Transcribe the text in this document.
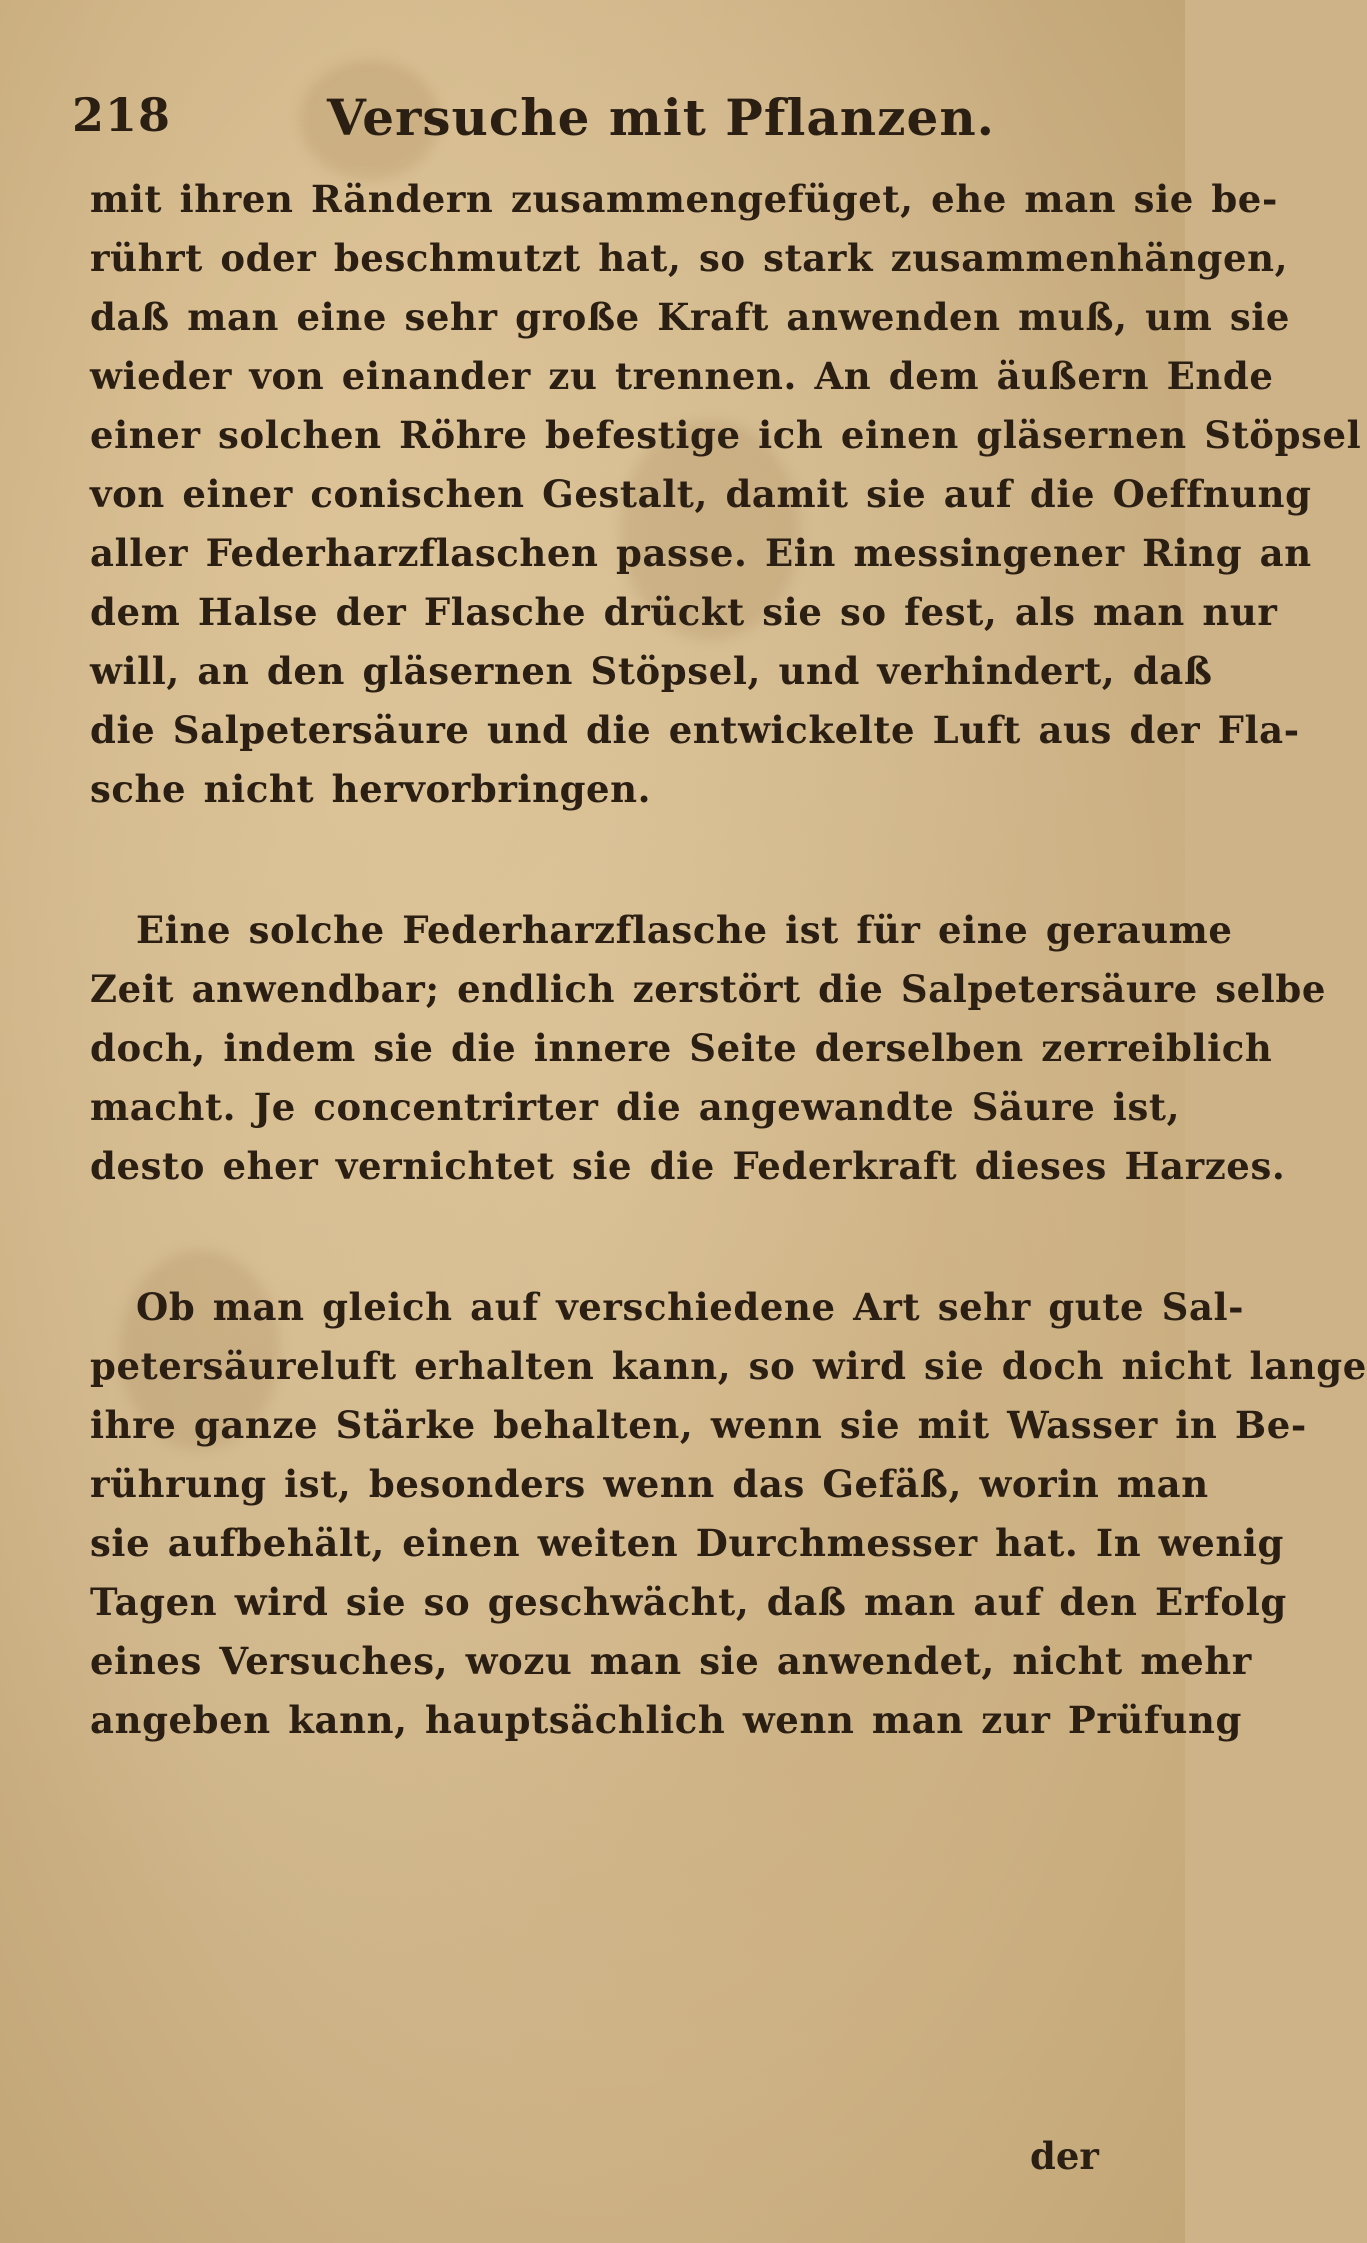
218	Versuche mit Pflanzen.
mit ihren Rändern zusammengefüget, ehe man sie be-
rührt oder beschmutzt hat, so stark zusammenhängen,
daß man eine sehr große Kraft anwenden muß, um sie
wieder von einander zu trennen. An dem äußern Ende
einer solchen Röhre befestige ich einen gläsernen Stöpsel
von einer conischen Gestalt, damit sie auf die Oeffnung
aller Federharzflaschen passe. Ein messingener Ring an
dem Halse der Flasche drückt sie so fest, als man nur
will, an den gläsernen Stöpsel, und verhindert, daß
die Salpetersäure und die entwickelte Luft aus der Fla-
sche nicht hervorbringen.
Eine solche Federharzflasche ist für eine geraume
Zeit anwendbar; endlich zerstört die Salpetersäure selbe
doch, indem sie die innere Seite derselben zerreiblich
macht. Je concentrirter die angewandte Säure ist,
desto eher vernichtet sie die Federkraft dieses Harzes.
Ob man gleich auf verschiedene Art sehr gute Sal-
petersäureluft erhalten kann, so wird sie doch nicht lange
ihre ganze Stärke behalten, wenn sie mit Wasser in Be-
rührung ist, besonders wenn das Gefäß, worin man
sie aufbehält, einen weiten Durchmesser hat. In wenig
Tagen wird sie so geschwächt, daß man auf den Erfolg
eines Versuches, wozu man sie anwendet, nicht mehr
angeben kann, hauptsächlich wenn man zur Prüfung
der
